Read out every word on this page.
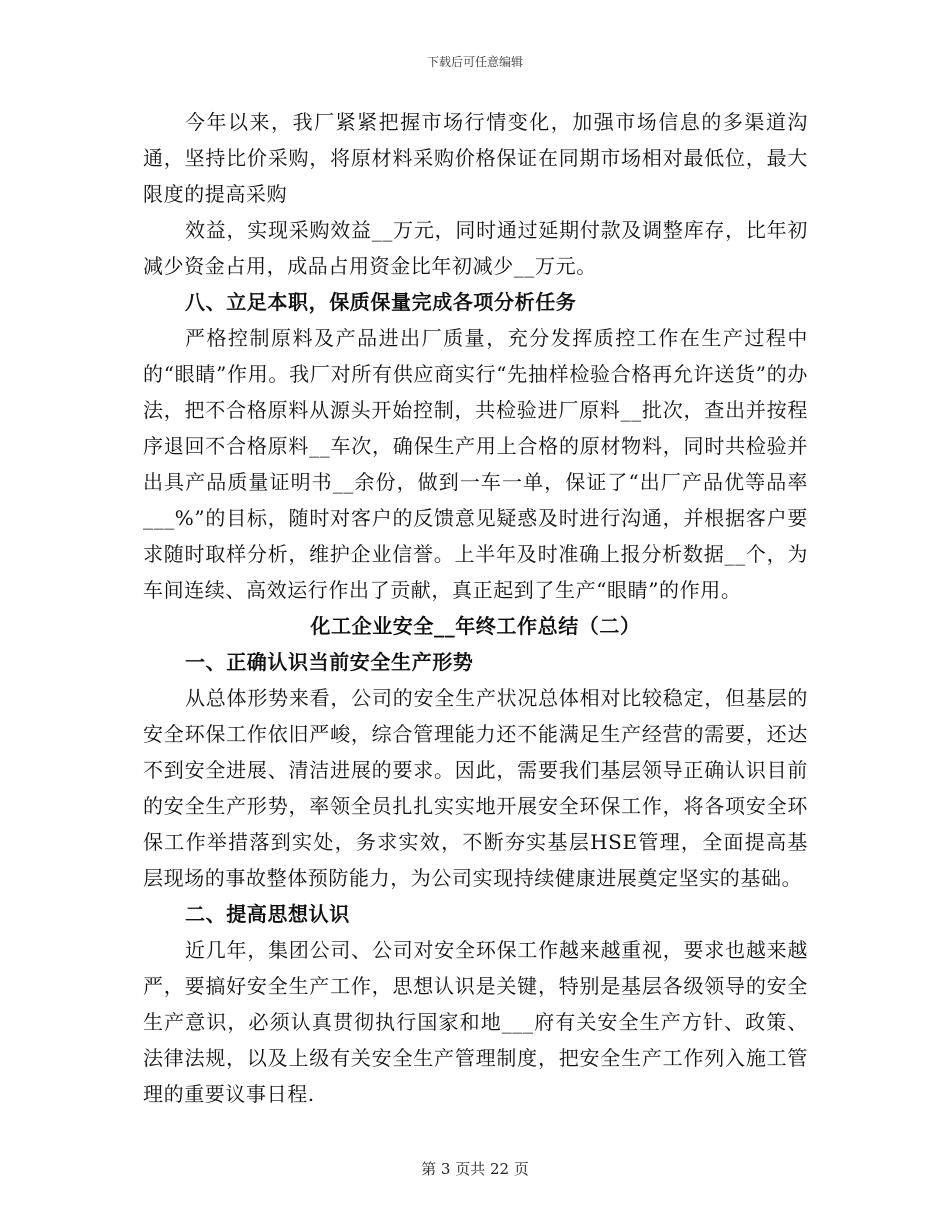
下载后可任意编辑

今年以来，我厂紧紧把握市场行情变化，加强市场信息的多渠道沟通，坚持比价采购，将原材料采购价格保证在同期市场相对最低位，最大限度的提高采购

效益，实现采购效益__万元，同时通过延期付款及调整库存，比年初减少资金占用，成品占用资金比年初减少__万元。

八、立足本职，保质保量完成各项分析任务

严格控制原料及产品进出厂质量，充分发挥质控工作在生产过程中的“眼睛”作用。我厂对所有供应商实行“先抽样检验合格再允许送货”的办法，把不合格原料从源头开始控制，共检验进厂原料__批次，查出并按程序退回不合格原料__车次，确保生产用上合格的原材物料，同时共检验并出具产品质量证明书__余份，做到一车一单，保证了“出厂产品优等品率___%”的目标，随时对客户的反馈意见疑惑及时进行沟通，并根据客户要求随时取样分析，维护企业信誉。上半年及时准确上报分析数据__个，为车间连续、高效运行作出了贡献，真正起到了生产“眼睛”的作用。

化工企业安全__年终工作总结（二）
一、正确认识当前安全生产形势

从总体形势来看，公司的安全生产状况总体相对比较稳定，但基层的安全环保工作依旧严峻，综合管理能力还不能满足生产经营的需要，还达不到安全进展、清洁进展的要求。因此，需要我们基层领导正确认识目前的安全生产形势，率领全员扎扎实实地开展安全环保工作，将各项安全环保工作举措落到实处，务求实效，不断夯实基层HSE管理，全面提高基层现场的事故整体预防能力，为公司实现持续健康进展奠定坚实的基础。

二、提高思想认识

近几年，集团公司、公司对安全环保工作越来越重视，要求也越来越严，要搞好安全生产工作，思想认识是关键，特别是基层各级领导的安全生产意识，必须认真贯彻执行国家和地___府有关安全生产方针、政策、法律法规，以及上级有关安全生产管理制度，把安全生产工作列入施工管理的重要议事日程.

第 3 页共 22 页
